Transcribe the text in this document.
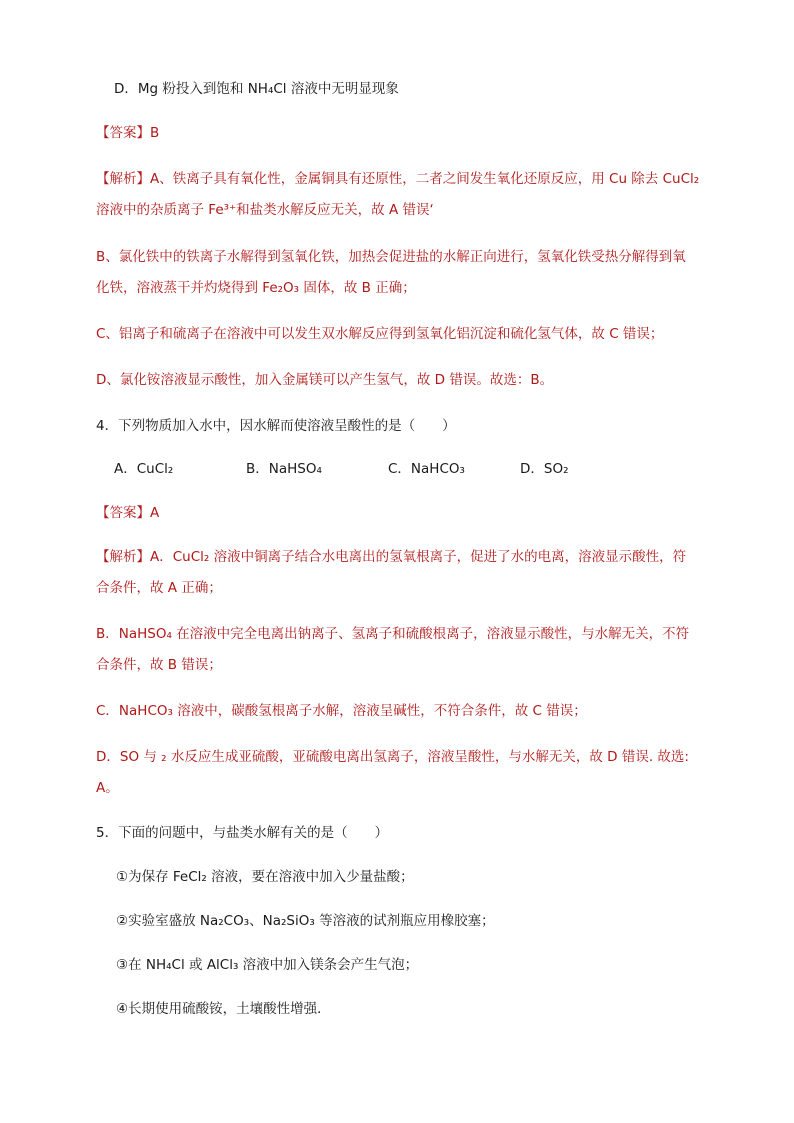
D．Mg 粉投入到饱和 NH₄Cl 溶液中无明显现象
【答案】B
【解析】A、铁离子具有氧化性，金属铜具有还原性，二者之间发生氧化还原反应，用 Cu 除去 CuCl₂
溶液中的杂质离子 Fe³⁺和盐类水解反应无关，故 A 错误‘
B、氯化铁中的铁离子水解得到氢氧化铁，加热会促进盐的水解正向进行，氢氧化铁受热分解得到氧
化铁，溶液蒸干并灼烧得到 Fe₂O₃ 固体，故 B 正确；
C、铝离子和硫离子在溶液中可以发生双水解反应得到氢氧化铝沉淀和硫化氢气体，故 C 错误；
D、氯化铵溶液显示酸性，加入金属镁可以产生氢气，故 D 错误。故选：B。
4．下列物质加入水中，因水解而使溶液呈酸性的是（　　）
A．CuCl₂	B．NaHSO₄	C．NaHCO₃	D．SO₂
【答案】A
【解析】A．CuCl₂ 溶液中铜离子结合水电离出的氢氧根离子，促进了水的电离，溶液显示酸性，符
合条件，故 A 正确；
B．NaHSO₄ 在溶液中完全电离出钠离子、氢离子和硫酸根离子，溶液显示酸性，与水解无关，不符
合条件，故 B 错误；
C．NaHCO₃ 溶液中，碳酸氢根离子水解，溶液呈碱性，不符合条件，故 C 错误；
D．SO 与 ₂ 水反应生成亚硫酸，亚硫酸电离出氢离子，溶液呈酸性，与水解无关，故 D 错误. 故选:
A。
5．下面的问题中，与盐类水解有关的是（　　）
①为保存 FeCl₂ 溶液，要在溶液中加入少量盐酸；
②实验室盛放 Na₂CO₃、Na₂SiO₃ 等溶液的试剂瓶应用橡胶塞；
③在 NH₄Cl 或 AlCl₃ 溶液中加入镁条会产生气泡；
④长期使用硫酸铵，土壤酸性增强．
